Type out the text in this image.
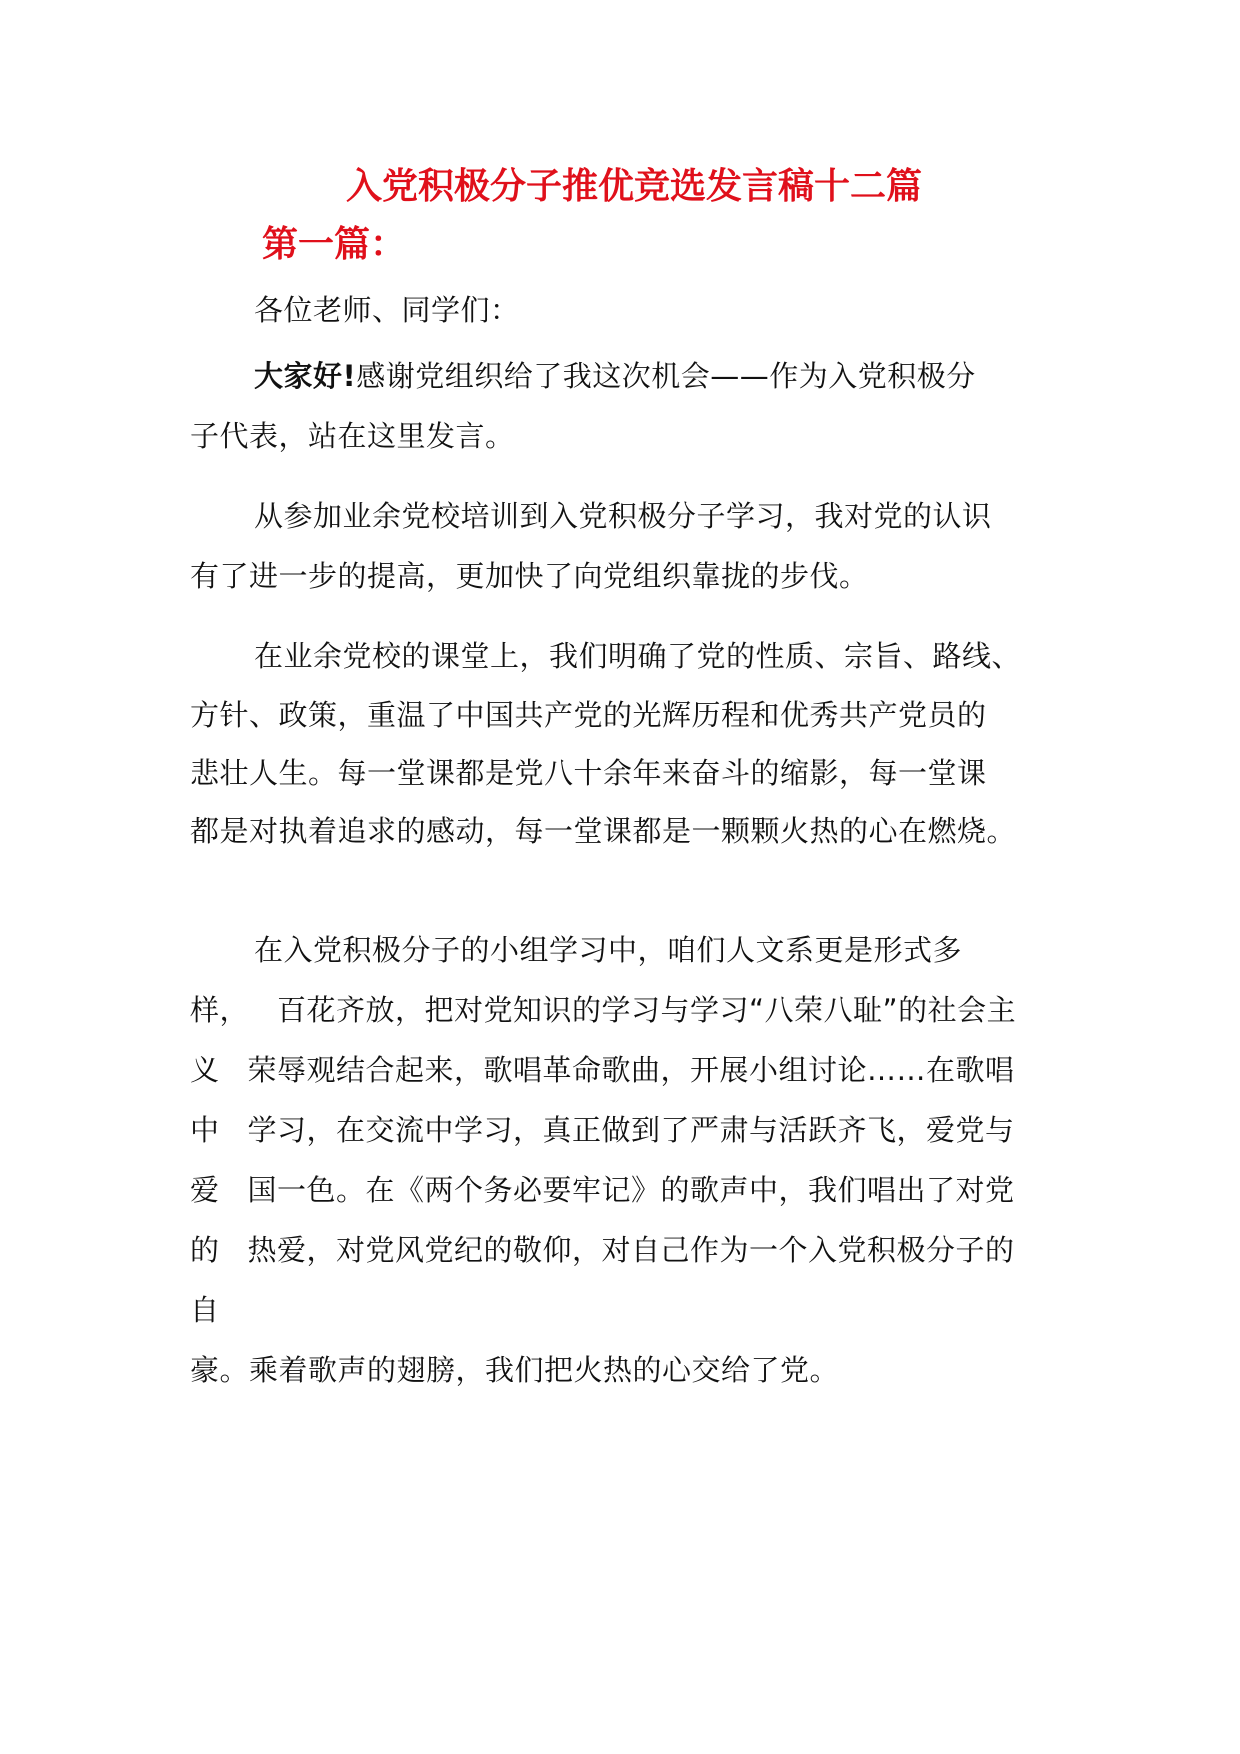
入党积极分子推优竞选发言稿十二篇
第一篇：
各位老师、同学们：
大家好!感谢党组织给了我这次机会——作为入党积极分
子代表，站在这里发言。
从参加业余党校培训到入党积极分子学习，我对党的认识
有了进一步的提高，更加快了向党组织靠拢的步伐。
在业余党校的课堂上，我们明确了党的性质、宗旨、路线、
方针、政策，重温了中国共产党的光辉历程和优秀共产党员的
悲壮人生。每一堂课都是党八十余年来奋斗的缩影，每一堂课
都是对执着追求的感动，每一堂课都是一颗颗火热的心在燃烧。
在入党积极分子的小组学习中，咱们人文系更是形式多
样， 百花齐放，把对党知识的学习与学习“八荣八耻”的社会主
义 荣辱观结合起来，歌唱革命歌曲，开展小组讨论……在歌唱
中 学习，在交流中学习，真正做到了严肃与活跃齐飞，爱党与
爱 国一色。在《两个务必要牢记》的歌声中，我们唱出了对党
的 热爱，对党风党纪的敬仰，对自己作为一个入党积极分子的
自
豪。乘着歌声的翅膀，我们把火热的心交给了党。
